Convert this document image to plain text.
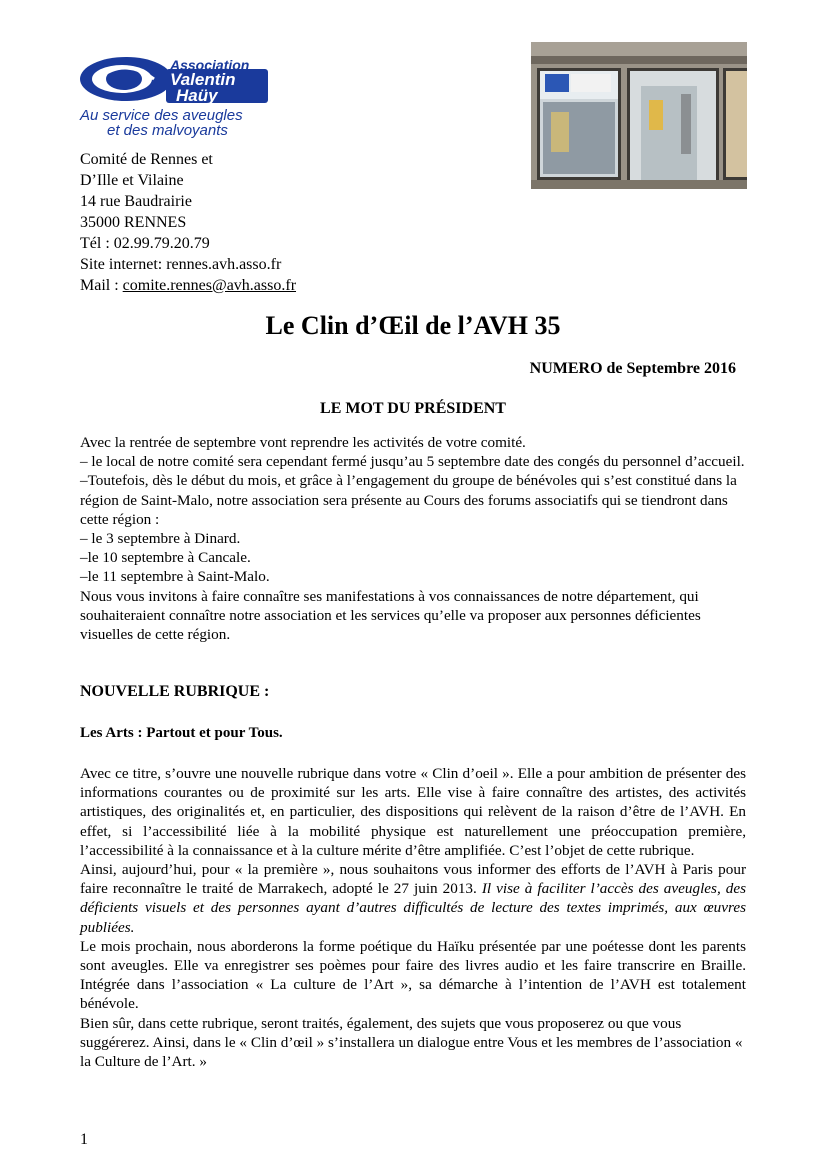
Association
Valentin
Haüy
Au service des aveugles
et des malvoyants
Comité de Rennes et
D’Ille et Vilaine
14 rue Baudrairie
35000 RENNES
Tél : 02.99.79.20.79
Site internet: rennes.avh.asso.fr
Mail : comite.rennes@avh.asso.fr
Le Clin d’Œil de l’AVH 35
NUMERO de Septembre 2016
LE MOT DU PRÉSIDENT

Avec la rentrée de septembre vont reprendre les activités de votre comité.

– le local de notre comité sera cependant fermé jusqu’au 5 septembre date des congés du personnel d’accueil.

–Toutefois, dès le début du mois, et grâce à l’engagement du groupe de bénévoles qui s’est constitué dans la région de Saint-Malo, notre association sera présente au Cours des forums associatifs qui se tiendront dans cette région :

– le 3 septembre à Dinard.

–le 10 septembre à Cancale.

–le 11 septembre à Saint-Malo.

Nous vous invitons à faire connaître ses manifestations à vos connaissances de notre département, qui souhaiteraient connaître notre association et les services qu’elle va proposer aux personnes déficientes visuelles de cette région.

NOUVELLE RUBRIQUE :
Les Arts : Partout et pour Tous.

Avec ce titre, s’ouvre une nouvelle rubrique dans votre « Clin d’oeil ». Elle a pour ambition de présenter des informations courantes ou de proximité sur les arts. Elle vise à faire connaître des artistes, des activités artistiques, des originalités et, en particulier, des dispositions qui relèvent de la raison d’être de l’AVH. En effet, si l’accessibilité liée à la mobilité physique est naturellement une préoccupation première, l’accessibilité à la connaissance et à la culture mérite d’être amplifiée. C’est l’objet de cette rubrique.

Ainsi, aujourd’hui, pour « la première », nous souhaitons vous informer des efforts de l’AVH à Paris pour faire reconnaître le traité de Marrakech, adopté le 27 juin 2013. Il vise à faciliter l’accès des aveugles, des déficients visuels et des personnes ayant d’autres difficultés de lecture des textes imprimés, aux œuvres publiées.

Le mois prochain, nous aborderons la forme poétique du Haïku présentée par une poétesse dont les parents sont aveugles. Elle va enregistrer ses poèmes pour faire des livres audio et les faire transcrire en Braille. Intégrée dans l’association « La culture de l’Art », sa démarche à l’intention de l’AVH est totalement bénévole.

Bien sûr, dans cette rubrique, seront traités, également, des sujets que vous proposerez ou que vous suggérerez. Ainsi, dans le « Clin d’œil » s’installera un dialogue entre Vous et les membres de l’association « la Culture de l’Art. »

1
